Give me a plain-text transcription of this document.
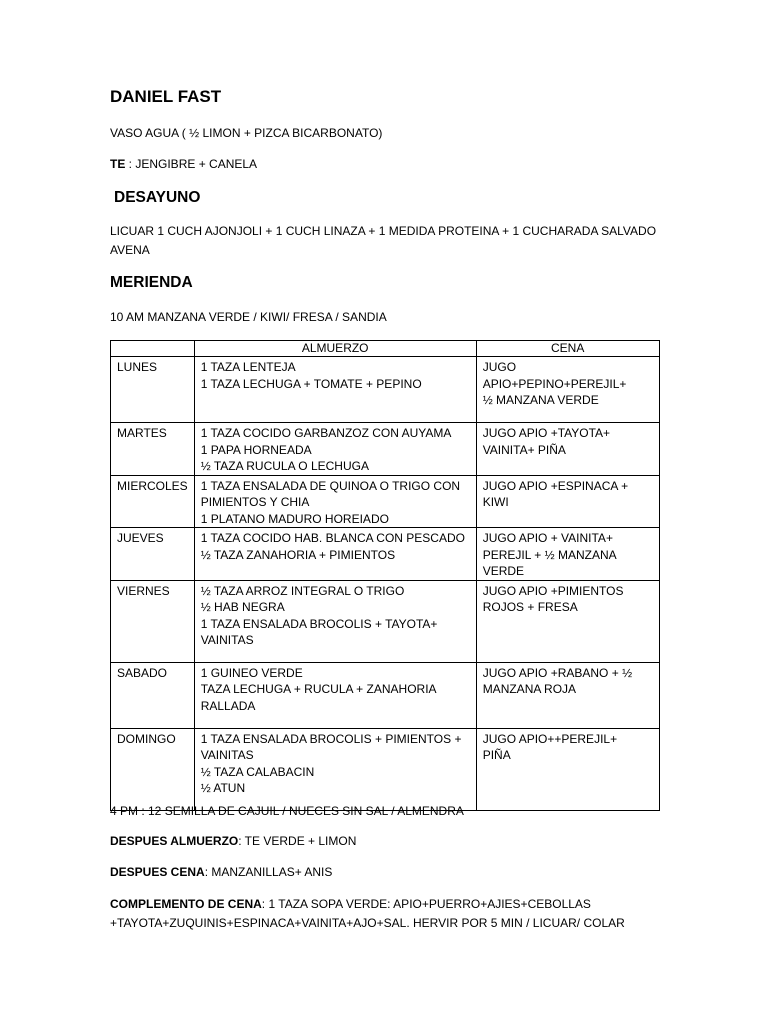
DANIEL FAST
VASO AGUA ( ½ LIMON + PIZCA BICARBONATO)
TE : JENGIBRE + CANELA
DESAYUNO
LICUAR 1 CUCH AJONJOLI + 1 CUCH LINAZA + 1 MEDIDA PROTEINA + 1 CUCHARADA SALVADO AVENA
MERIENDA
10 AM MANZANA VERDE / KIWI/ FRESA / SANDIA
	ALMUERZO	CENA

LUNES	1 TAZA LENTEJA
1 TAZA LECHUGA + TOMATE + PEPINO	JUGO
APIO+PEPINO+PEREJIL+
½ MANZANA VERDE

MARTES	1 TAZA COCIDO GARBANZOZ CON AUYAMA
1 PAPA HORNEADA
½ TAZA RUCULA O LECHUGA	JUGO APIO +TAYOTA+
VAINITA+ PIÑA

MIERCOLES	1 TAZA ENSALADA DE QUINOA O TRIGO CON
PIMIENTOS Y CHIA
1 PLATANO MADURO HOREIADO	JUGO APIO +ESPINACA +
KIWI

JUEVES	1 TAZA COCIDO HAB. BLANCA CON PESCADO
½ TAZA ZANAHORIA + PIMIENTOS	JUGO APIO + VAINITA+
PEREJIL + ½ MANZANA
VERDE

VIERNES	½ TAZA ARROZ INTEGRAL O TRIGO
½ HAB NEGRA
1 TAZA ENSALADA BROCOLIS + TAYOTA+
VAINITAS	JUGO APIO +PIMIENTOS
ROJOS + FRESA

SABADO	1 GUINEO VERDE
TAZA LECHUGA + RUCULA + ZANAHORIA
RALLADA	JUGO APIO +RABANO + ½
MANZANA ROJA

DOMINGO	1 TAZA ENSALADA BROCOLIS + PIMIENTOS +
VAINITAS
½ TAZA CALABACIN
½ ATUN	JUGO APIO++PEREJIL+
PIÑA
4 PM : 12 SEMILLA DE CAJUIL / NUECES SIN SAL / ALMENDRA
DESPUES ALMUERZO: TE VERDE + LIMON
DESPUES CENA: MANZANILLAS+ ANIS
COMPLEMENTO DE CENA: 1 TAZA SOPA VERDE: APIO+PUERRO+AJIES+CEBOLLAS +TAYOTA+ZUQUINIS+ESPINACA+VAINITA+AJO+SAL. HERVIR POR 5 MIN / LICUAR/ COLAR
